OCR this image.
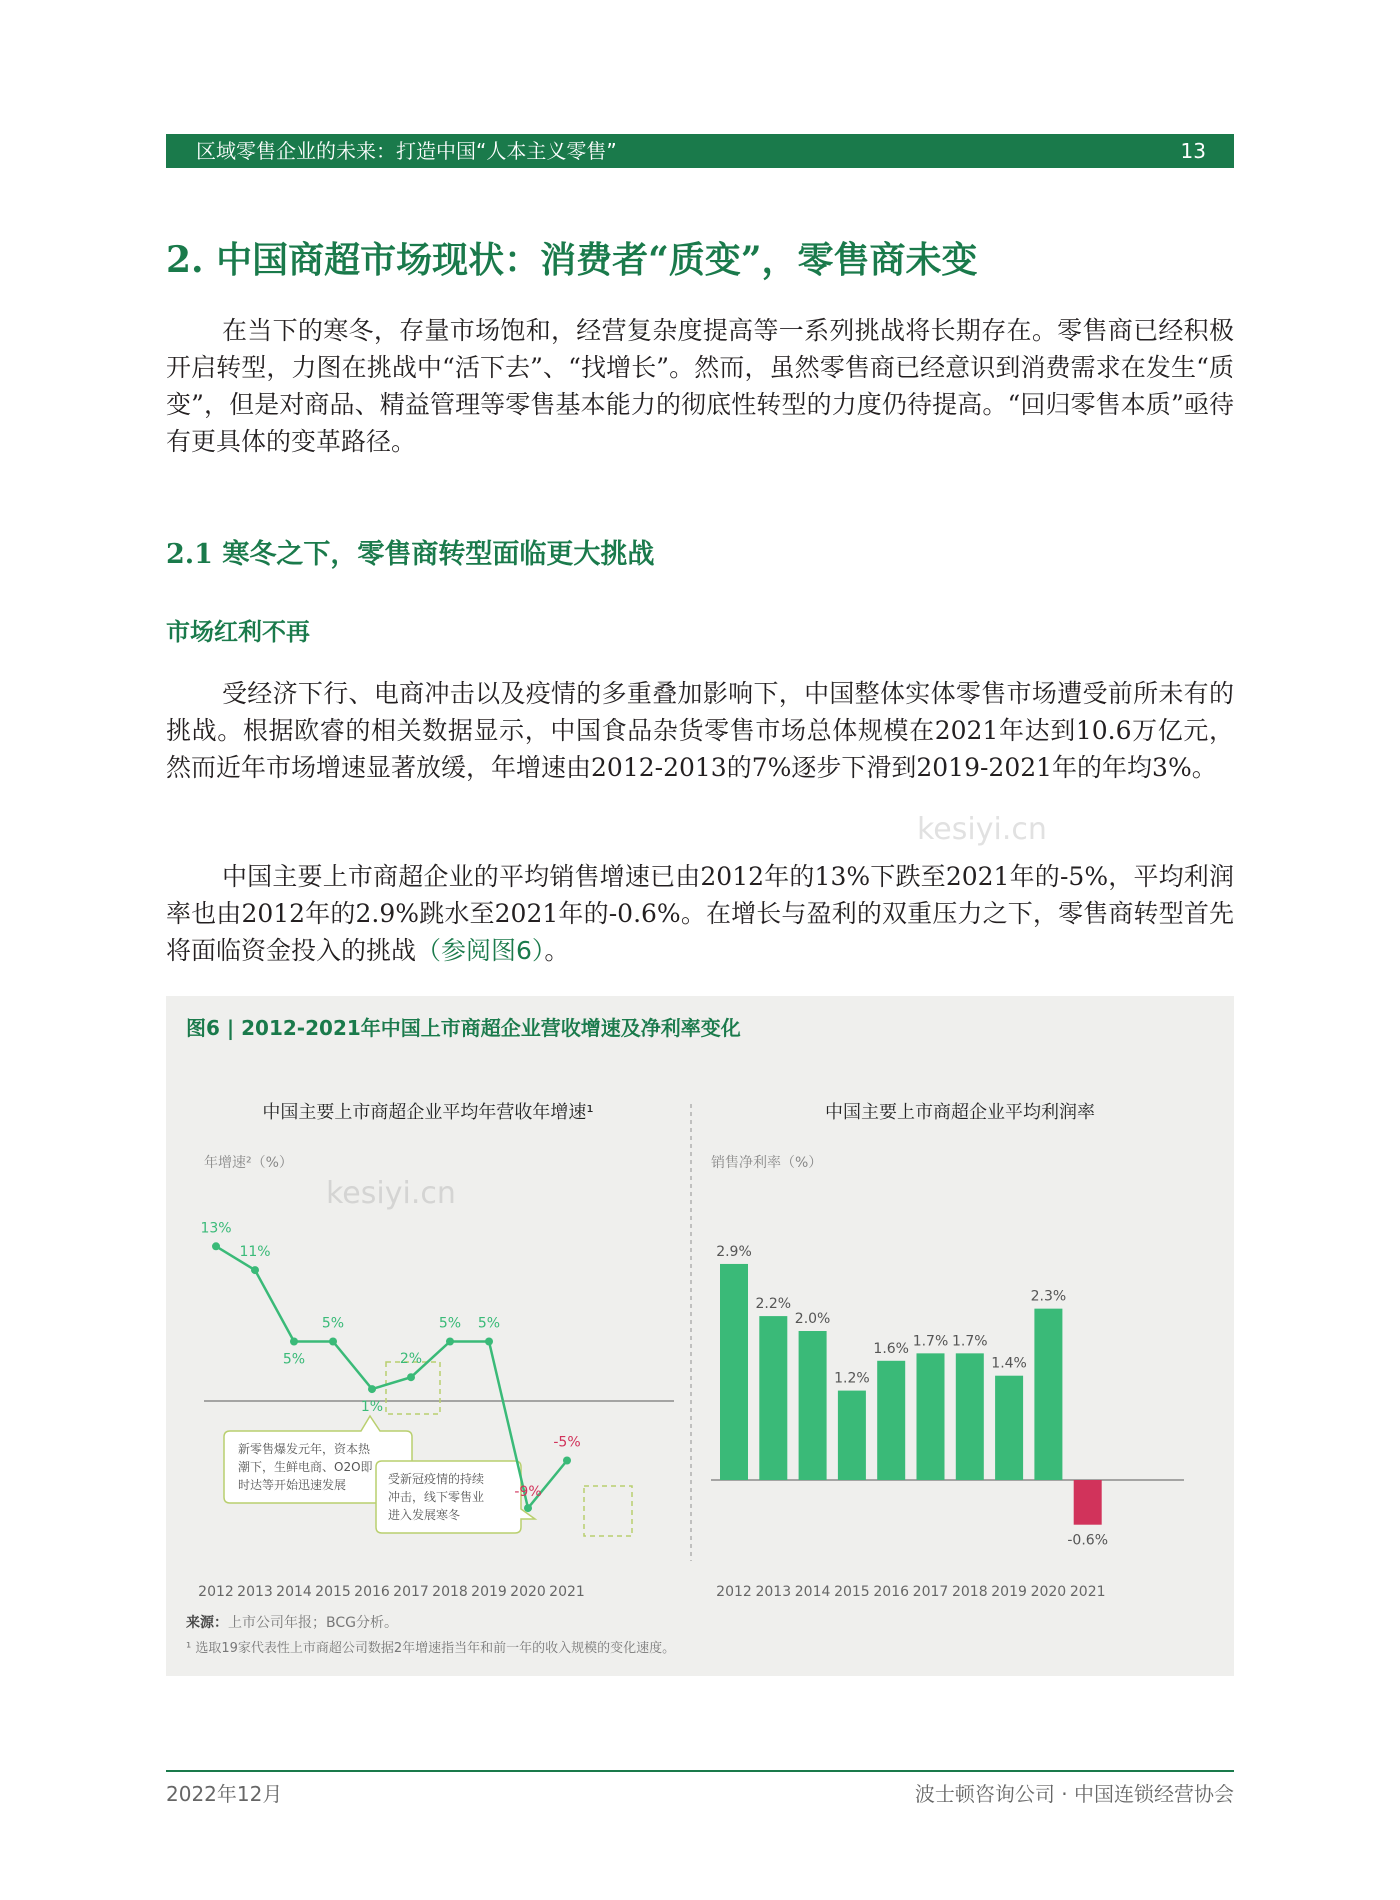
区域零售企业的未来：打造中国“人本主义零售”	13
2. 中国商超市场现状：消费者“质变”，零售商未变
在当下的寒冬，存量市场饱和，经营复杂度提高等一系列挑战将长期存在。零售商已经积极开启转型，力图在挑战中“活下去”、“找增长”。然而，虽然零售商已经意识到消费需求在发生“质变”，但是对商品、精益管理等零售基本能力的彻底性转型的力度仍待提高。“回归零售本质”亟待有更具体的变革路径。
2.1 寒冬之下，零售商转型面临更大挑战
市场红利不再
受经济下行、电商冲击以及疫情的多重叠加影响下，中国整体实体零售市场遭受前所未有的挑战。根据欧睿的相关数据显示，中国食品杂货零售市场总体规模在2021年达到10.6万亿元，然而近年市场增速显著放缓，年增速由2012-2013的7%逐步下滑到2019-2021年的年均3%。
中国主要上市商超企业的平均销售增速已由2012年的13%下跌至2021年的-5%，平均利润率也由2012年的2.9%跳水至2021年的-0.6%。在增长与盈利的双重压力之下，零售商转型首先将面临资金投入的挑战（参阅图6）。
kesiyi.cn
中国主要上市商超企业平均年营收年增速¹
年增速²（%）
中国主要上市商超企业平均利润率
销售净利率（%）
新零售爆发元年，资本热 潮下，生鲜电商、O2O即 时达等开始迅速发展	受新冠疫情的持续 冲击，线下零售业 进入发展寒冬
13%
2012
11%
2013
5%
2014
5%
2015
1%
2016
2%
2017
5%
2018
5%
2019
-9%
2020
-5%
2021
2.9%
2012
2.2%
2013
2.0%
2014
1.2%
2015
1.6%
2016
1.7%
2017
1.7%
2018
1.4%
2019
2.3%
2020
-0.6%
2021
图6 | 2012-2021年中国上市商超企业营收增速及净利率变化
kesiyi.cn
来源：上市公司年报；BCG分析。
¹ 选取19家代表性上市商超公司数据2年增速指当年和前一年的收入规模的变化速度。
2022年12月	波士顿咨询公司 · 中国连锁经营协会
